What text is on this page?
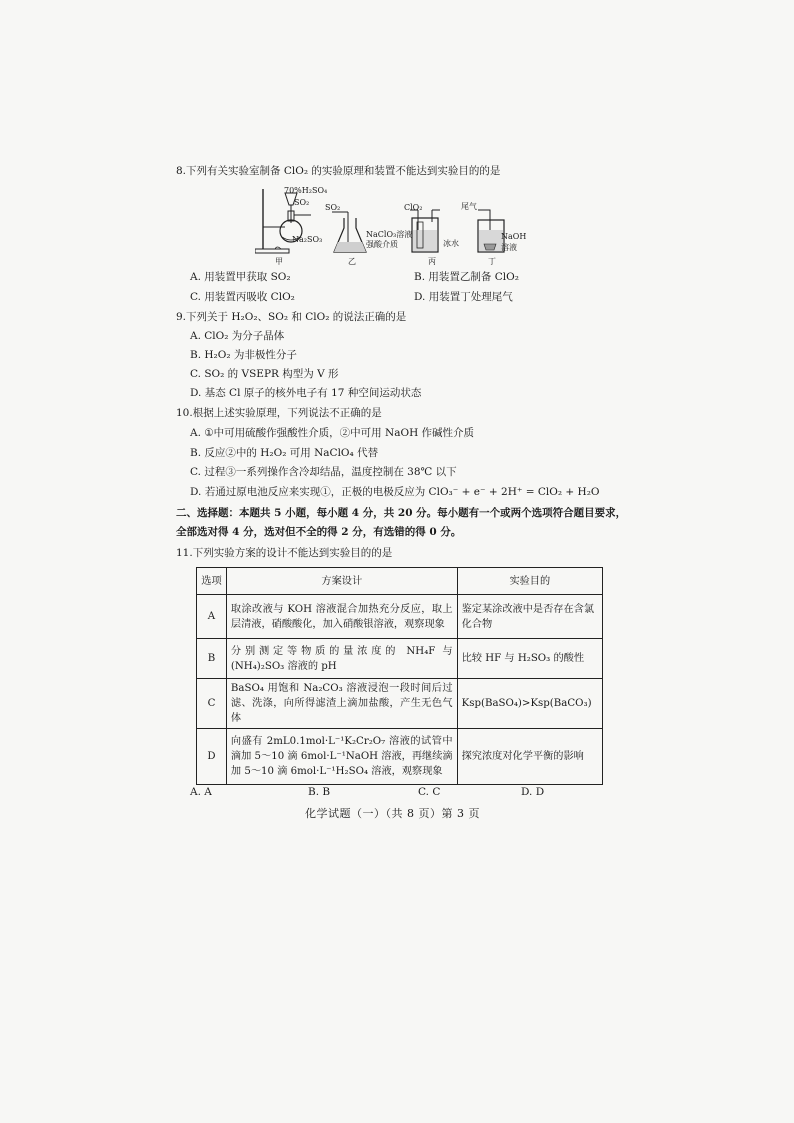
8.下列有关实验室制备 ClO₂ 的实验原理和装置不能达到实验目的的是
70%H₂SO₄
SO₂
Na₂SO₃
甲
SO₂
NaClO₃溶液
强酸介质
乙
ClO₂
冰水
丙
尾气
NaOH
溶液
丁
A. 用装置甲获取 SO₂	B. 用装置乙制备 ClO₂
C. 用装置丙吸收 ClO₂	D. 用装置丁处理尾气
9.下列关于 H₂O₂、SO₂ 和 ClO₂ 的说法正确的是
A. ClO₂ 为分子晶体
B. H₂O₂ 为非极性分子
C. SO₂ 的 VSEPR 构型为 V 形
D. 基态 Cl 原子的核外电子有 17 种空间运动状态
10.根据上述实验原理，下列说法不正确的是
A. ①中可用硫酸作强酸性介质，②中可用 NaOH 作碱性介质
B. 反应②中的 H₂O₂ 可用 NaClO₄ 代替
C. 过程③一系列操作含冷却结晶，温度控制在 38℃ 以下
D. 若通过原电池反应来实现①，正极的电极反应为 ClO₃⁻ + e⁻ + 2H⁺ = ClO₂ + H₂O
二、选择题：本题共 5 小题，每小题 4 分，共 20 分。每小题有一个或两个选项符合题目要求，
全部选对得 4 分，选对但不全的得 2 分，有选错的得 0 分。
11.下列实验方案的设计不能达到实验目的的是
选项	方案设计	实验目的
A	取涂改液与 KOH 溶液混合加热充分反应，取上层清液，硝酸酸化，加入硝酸银溶液，观察现象	鉴定某涂改液中是否存在含氯化合物
B	分别测定等物质的量浓度的 NH₄F 与 (NH₄)₂SO₃ 溶液的 pH	比较 HF 与 H₂SO₃ 的酸性
C	BaSO₄ 用饱和 Na₂CO₃ 溶液浸泡一段时间后过滤、洗涤，向所得滤渣上滴加盐酸，产生无色气体	Ksp(BaSO₄)>Ksp(BaCO₃)
D	向盛有 2mL0.1mol·L⁻¹K₂Cr₂O₇ 溶液的试管中滴加 5～10 滴 6mol·L⁻¹NaOH 溶液，再继续滴加 5～10 滴 6mol·L⁻¹H₂SO₄ 溶液，观察现象	探究浓度对化学平衡的影响
A. A	B. B	C. C	D. D
化学试题（一）（共 8 页）第 3 页
